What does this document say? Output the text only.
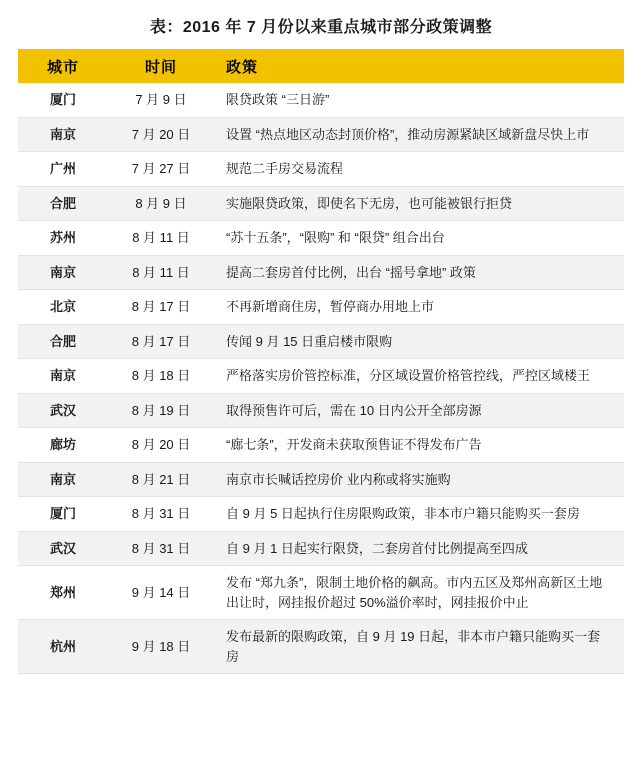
表：2016 年 7 月份以来重点城市部分政策调整
城市	时间	政策
厦门	7 月 9 日	限贷政策 “三日游”
南京	7 月 20 日	设置 “热点地区动态封顶价格”，推动房源紧缺区域新盘尽快上市
广州	7 月 27 日	规范二手房交易流程
合肥	8 月 9 日	实施限贷政策，即使名下无房，也可能被银行拒贷
苏州	8 月 11 日	“苏十五条”，“限购” 和 “限贷” 组合出台
南京	8 月 11 日	提高二套房首付比例，出台 “摇号拿地” 政策
北京	8 月 17 日	不再新增商住房，暂停商办用地上市
合肥	8 月 17 日	传闻 9 月 15 日重启楼市限购
南京	8 月 18 日	严格落实房价管控标准，分区域设置价格管控线，严控区域楼王
武汉	8 月 19 日	取得预售许可后，需在 10 日内公开全部房源
廊坊	8 月 20 日	“廊七条”，开发商未获取预售证不得发布广告
南京	8 月 21 日	南京市长喊话控房价 业内称或将实施购
厦门	8 月 31 日	自 9 月 5 日起执行住房限购政策，非本市户籍只能购买一套房
武汉	8 月 31 日	自 9 月 1 日起实行限贷，二套房首付比例提高至四成
郑州	9 月 14 日	发布 “郑九条”，限制土地价格的飙高。市内五区及郑州高新区土地出让时，网挂报价超过 50%溢价率时，网挂报价中止
杭州	9 月 18 日	发布最新的限购政策，自 9 月 19 日起，非本市户籍只能购买一套房
